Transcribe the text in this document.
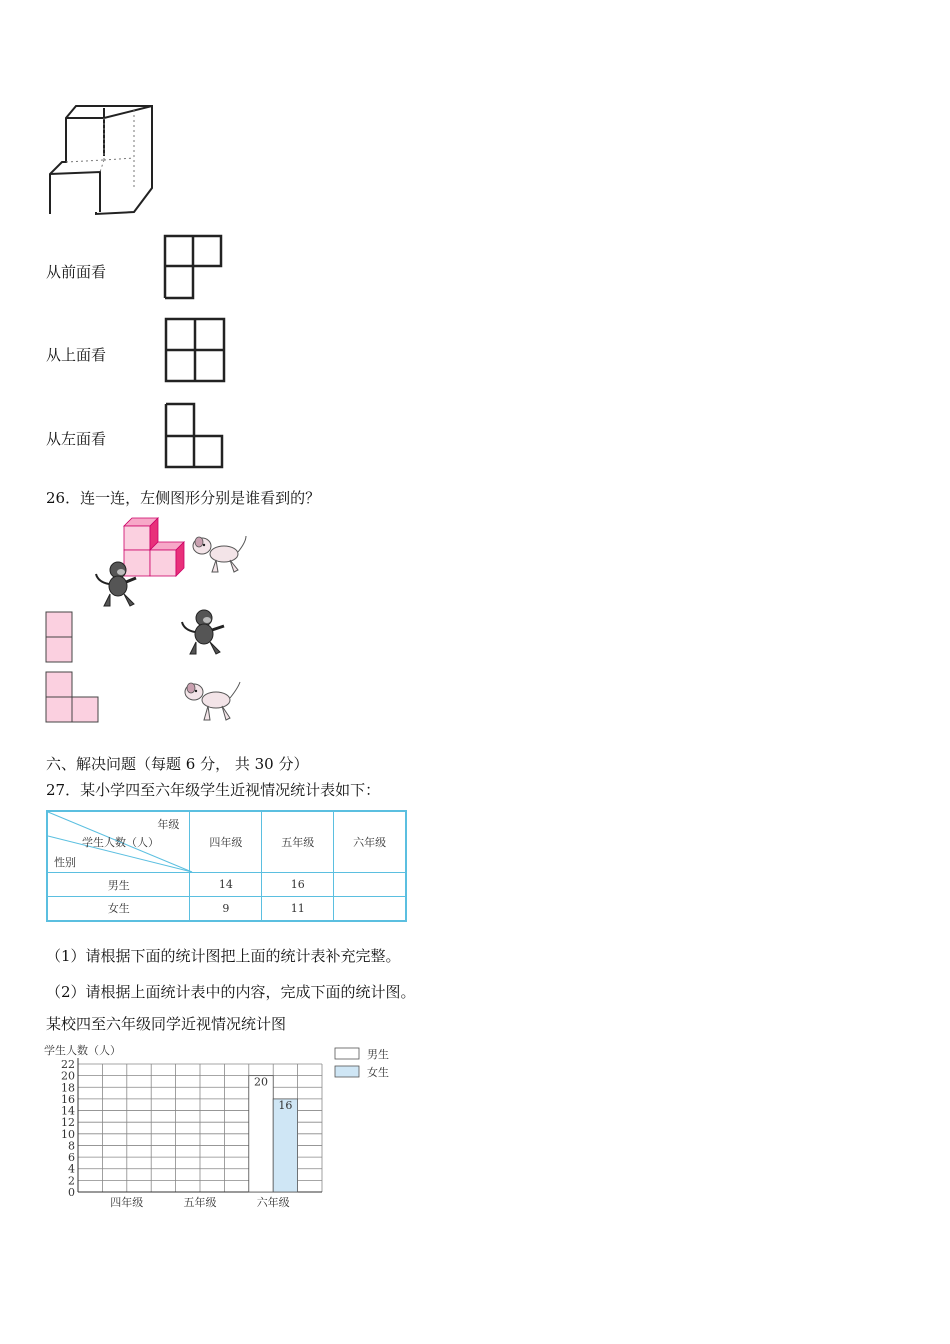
从前面看
从上面看
从左面看
26．连一连，左侧图形分别是谁看到的？
六、解决问题（每题 6 分， 共 30 分）
27．某小学四至六年级学生近视情况统计表如下：
年级
学生人数（人）
性别	四年级	五年级	六年级
男生	14	16	
女生	9	11	
（1）请根据下面的统计图把上面的统计表补充完整。
（2）请根据上面统计表中的内容，完成下面的统计图。
某校四至六年级同学近视情况统计图
学生人数（人）
0
2
4
6
8
10
12
14
16
18
20
22
20
16
四年级	五年级	六年级
男生
女生
